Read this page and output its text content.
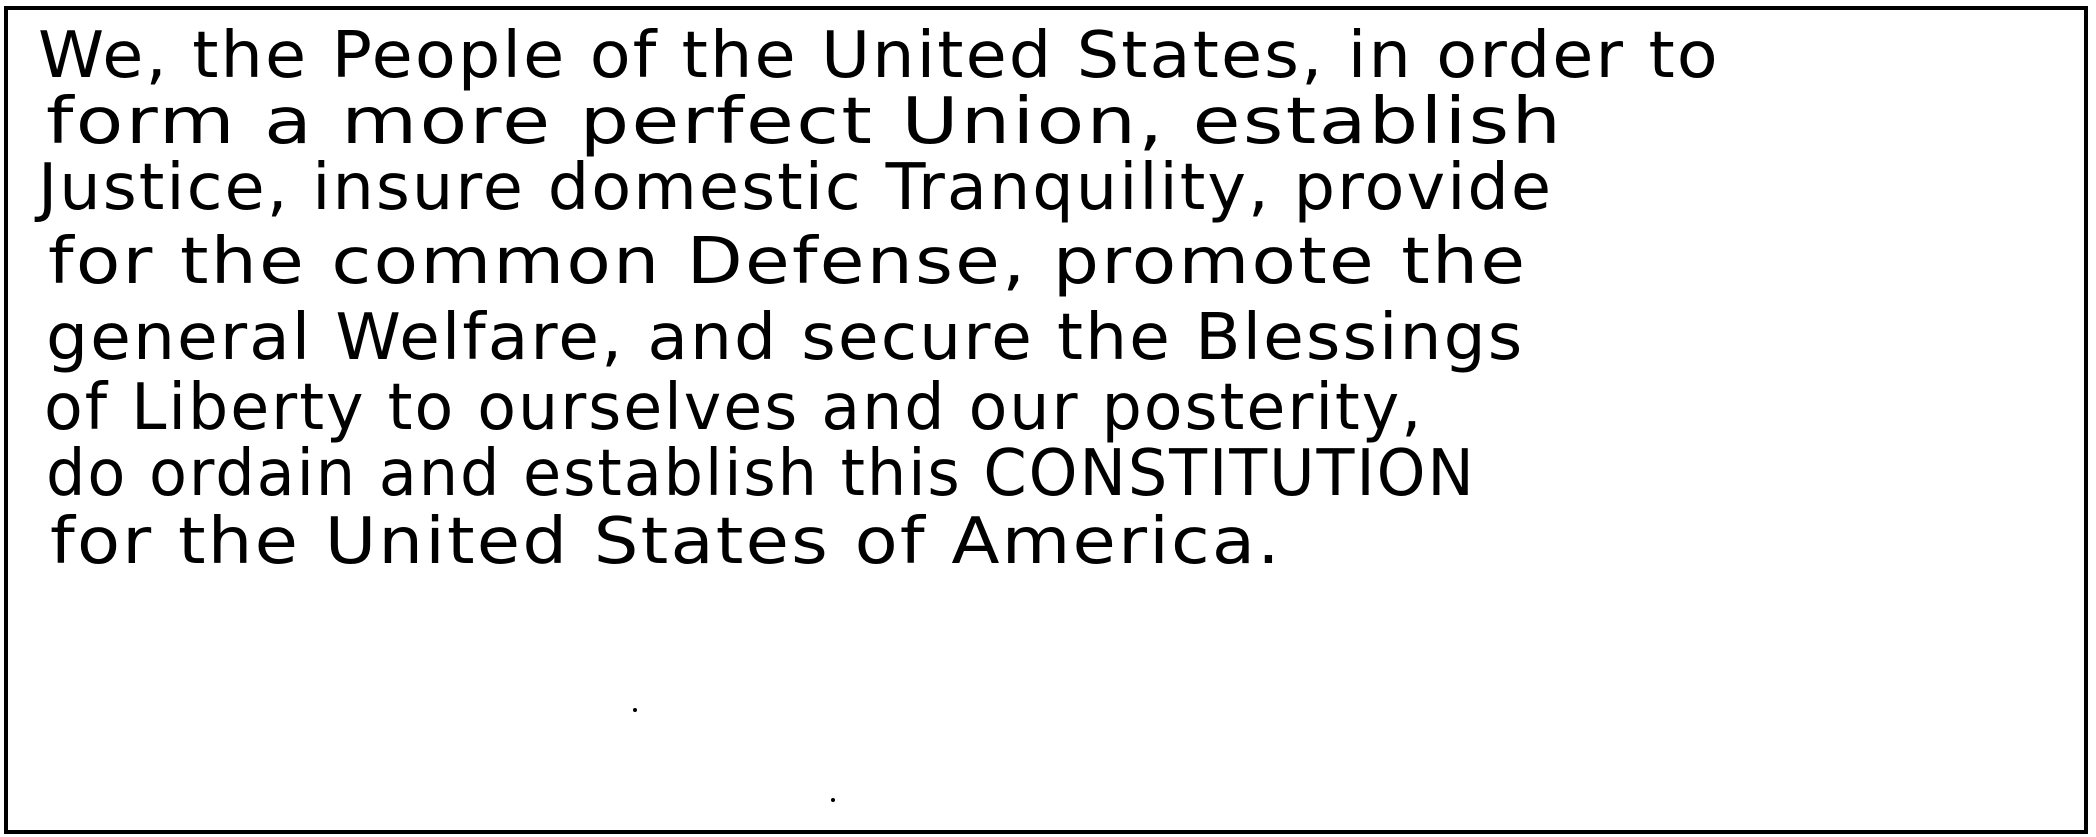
We, the People of the United States, in order to
form a more perfect Union, establish
Justice, insure domestic Tranquility, provide
for the common Defense, promote the
general Welfare, and secure the Blessings
of Liberty to ourselves and our posterity,
do ordain and establish this CONSTITUTION
for the United States of America.
